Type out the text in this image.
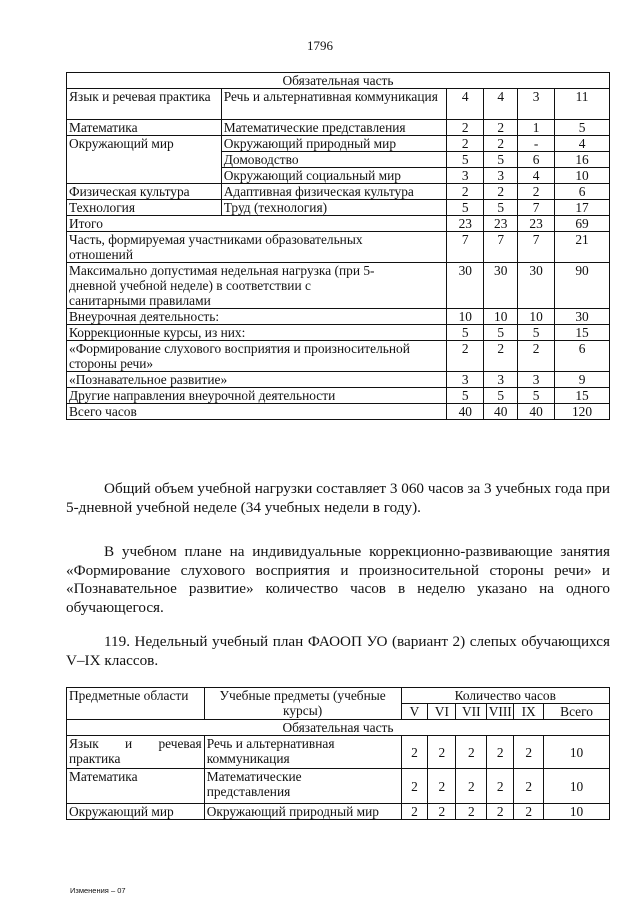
1796
Обязательная часть					
Язык и речевая практика	Речь и альтернативная коммуникация	4	4	3	11
Математика	Математические представления	2	2	1	5
Окружающий мир	Окружающий природный мир	2	2	-	4
	Домоводство	5	5	6	16
	Окружающий социальный мир	3	3	4	10
Физическая культура	Адаптивная физическая культура	2	2	2	6
Технология	Труд (технология)	5	5	7	17
Итого		23	23	23	69
Часть, формируемая участниками образовательных отношений		7	7	7	21
Максимально допустимая недельная нагрузка (при 5-дневной учебной неделе) в соответствии с санитарными правилами		30	30	30	90
Внеурочная деятельность:		10	10	10	30
Коррекционные курсы, из них:		5	5	5	15
«Формирование слухового восприятия и произносительной стороны речи»		2	2	2	6
«Познавательное развитие»		3	3	3	9
Другие направления внеурочной деятельности		5	5	5	15
Всего часов		40	40	40	120
Общий объем учебной нагрузки составляет 3 060 часов за 3 учебных года при 5-дневной учебной неделе (34 учебных недели в году).
В учебном плане на индивидуальные коррекционно-развивающие занятия «Формирование слухового восприятия и произносительной стороны речи» и «Познавательное развитие» количество часов в неделю указано на одного обучающегося.
119. Недельный учебный план ФАООП УО (вариант 2) слепых обучающихся V–IX классов.
Предметные области	Учебные предметы (учебные курсы)	Количество часов					
		V	VI	VII	VIII	IX	Всего
Обязательная часть							
Язык и речевая практика	Речь и альтернативная коммуникация	2	2	2	2	2	10
Математика	Математические представления	2	2	2	2	2	10
Окружающий мир	Окружающий природный мир	2	2	2	2	2	10
Изменения – 07
